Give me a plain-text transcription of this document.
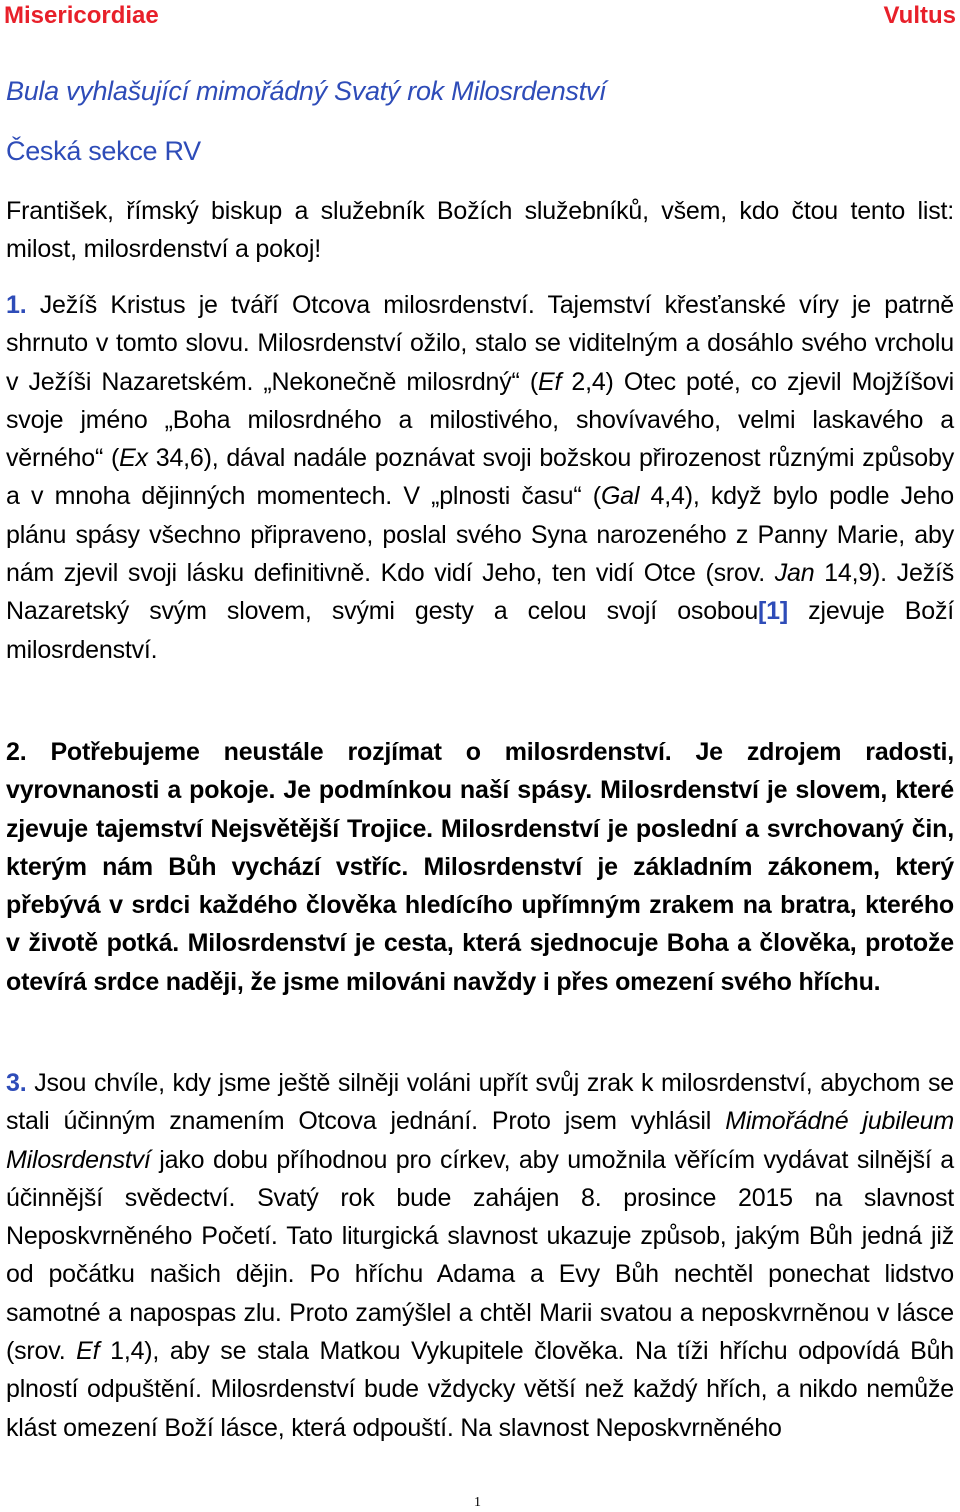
Misericordiae	Vultus
Bula vyhlašující mimořádný Svatý rok Milosrdenství
Česká sekce RV

František, římský biskup a služebník Božích služebníků, všem, kdo čtou tento list: milost, milosrdenství a pokoj!

1. Ježíš Kristus je tváří Otcova milosrdenství. Tajemství křesťanské víry je patrně shrnuto v tomto slovu. Milosrdenství ožilo, stalo se viditelným a dosáhlo svého vrcholu v Ježíši Nazaretském. „Nekonečně milosrdný“ (Ef 2,4) Otec poté, co zjevil Mojžíšovi svoje jméno „Boha milosrdného a milostivého, shovívavého, velmi laskavého a věrného“ (Ex 34,6), dával nadále poznávat svoji božskou přirozenost různými způsoby a v mnoha dějinných momentech. V „plnosti času“ (Gal 4,4), když bylo podle Jeho plánu spásy všechno připraveno, poslal svého Syna narozeného z Panny Marie, aby nám zjevil svoji lásku definitivně. Kdo vidí Jeho, ten vidí Otce (srov. Jan 14,9). Ježíš Nazaretský svým slovem, svými gesty a celou svojí osobou[1] zjevuje Boží milosrdenství.

2. Potřebujeme neustále rozjímat o milosrdenství. Je zdrojem radosti, vyrovnanosti a pokoje. Je podmínkou naší spásy. Milosrdenství je slovem, které zjevuje tajemství Nejsvětější Trojice. Milosrdenství je poslední a svrchovaný čin, kterým nám Bůh vychází vstříc. Milosrdenství je základním zákonem, který přebývá v srdci každého člověka hledícího upřímným zrakem na bratra, kterého v životě potká. Milosrdenství je cesta, která sjednocuje Boha a člověka, protože otevírá srdce naději, že jsme milováni navždy i přes omezení svého hříchu.

3. Jsou chvíle, kdy jsme ještě silněji voláni upřít svůj zrak k milosrdenství, abychom se stali účinným znamením Otcova jednání. Proto jsem vyhlásil Mimořádné jubileum Milosrdenství jako dobu příhodnou pro církev, aby umožnila věřícím vydávat silnější a účinnější svědectví. Svatý rok bude zahájen 8. prosince 2015 na slavnost Neposkvrněného Početí. Tato liturgická slavnost ukazuje způsob, jakým Bůh jedná již od počátku našich dějin. Po hříchu Adama a Evy Bůh nechtěl ponechat lidstvo samotné a napospas zlu. Proto zamýšlel a chtěl Marii svatou a neposkvrněnou v lásce (srov. Ef 1,4), aby se stala Matkou Vykupitele člověka. Na tíži hříchu odpovídá Bůh plností odpuštění. Milosrdenství bude vždycky větší než každý hřích, a nikdo nemůže klást omezení Boží lásce, která odpouští. Na slavnost Neposkvrněného

1
